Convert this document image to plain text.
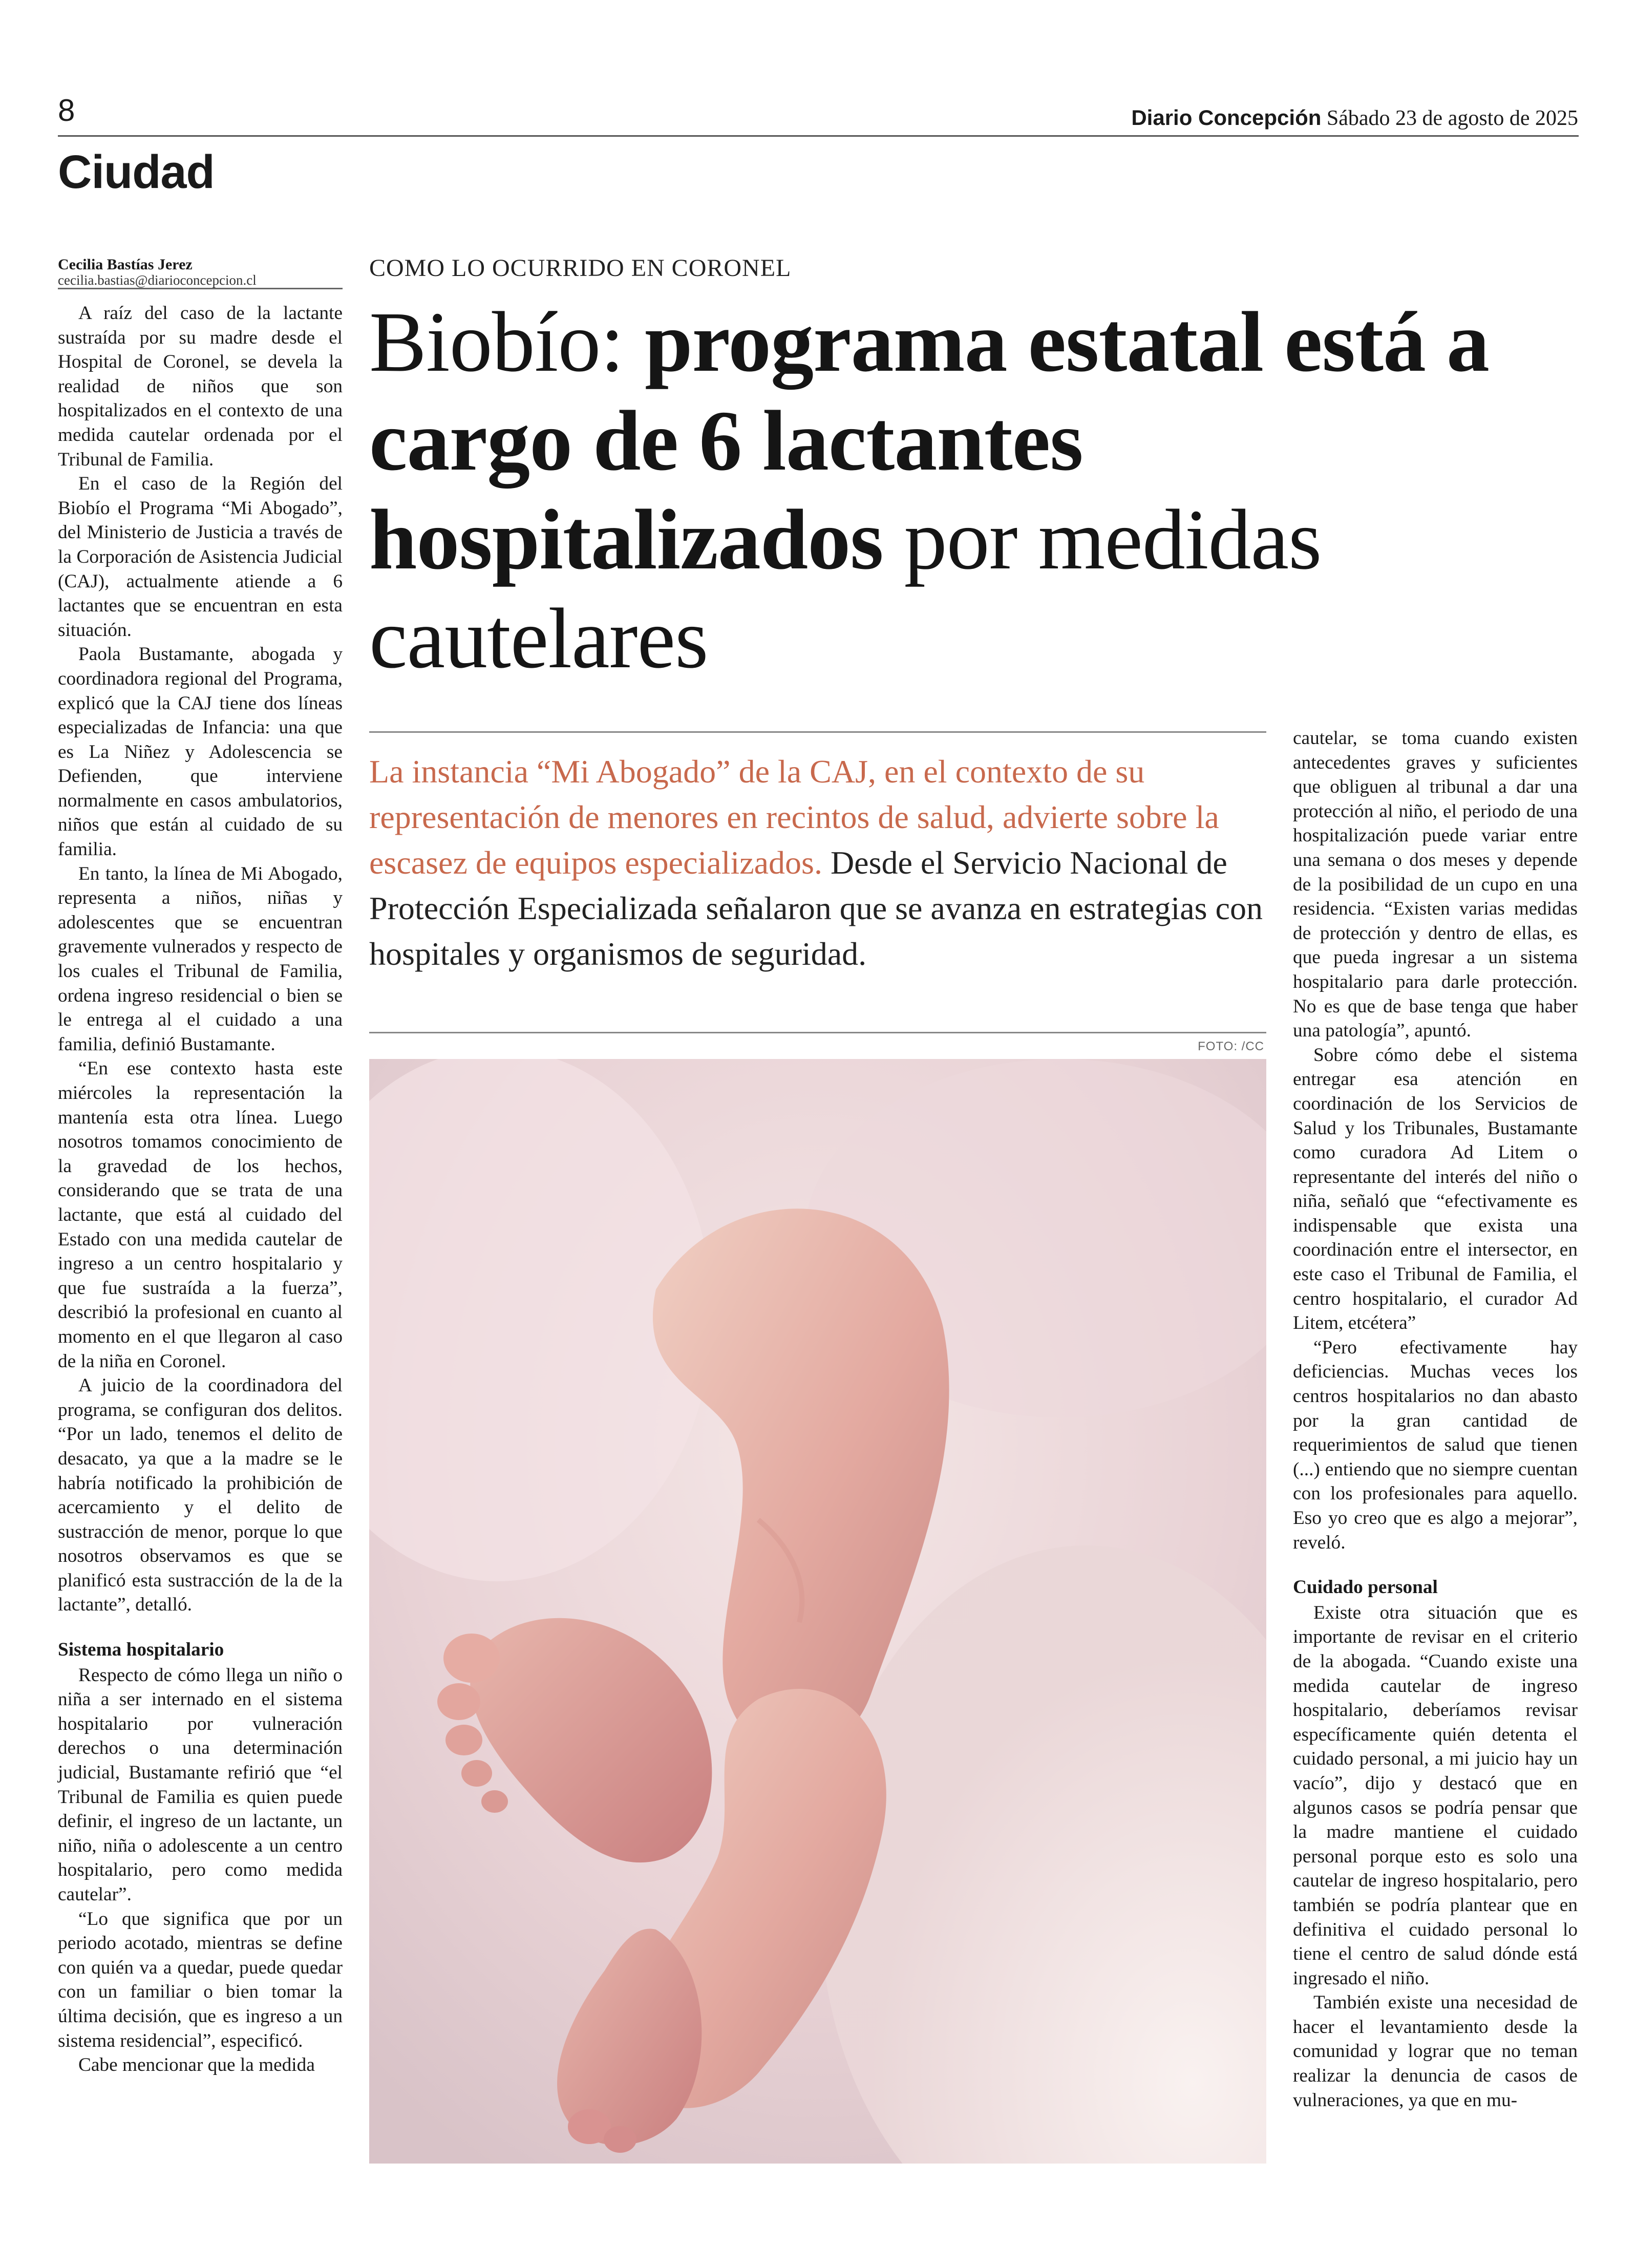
8	Diario Concepción Sábado 23 de agosto de 2025
Ciudad
Cecilia Bastías Jerez
cecilia.bastias@diarioconcepcion.cl

A raíz del caso de la lactante sustraída por su madre desde el Hospital de Coronel, se devela la realidad de niños que son hospitalizados en el contexto de una medida cautelar ordenada por el Tribunal de Familia.

En el caso de la Región del Biobío el Programa “Mi Abogado”, del Ministerio de Justicia a través de la Corporación de Asistencia Judicial (CAJ), actualmente atiende a 6 lactantes que se encuentran en esta situación.

Paola Bustamante, abogada y coordinadora regional del Programa, explicó que la CAJ tiene dos líneas especializadas de Infancia: una que es La Niñez y Adolescencia se Defienden, que interviene normalmente en casos ambulatorios, niños que están al cuidado de su familia.

En tanto, la línea de Mi Abogado, representa a niños, niñas y adolescentes que se encuentran gravemente vulnerados y respecto de los cuales el Tribunal de Familia, ordena ingreso residencial o bien se le entrega al el cuidado a una familia, definió Bustamante.

“En ese contexto hasta este miércoles la representación la mantenía esta otra línea. Luego nosotros tomamos conocimiento de la gravedad de los hechos, considerando que se trata de una lactante, que está al cuidado del Estado con una medida cautelar de ingreso a un centro hospitalario y que fue sustraída a la fuerza”, describió la profesional en cuanto al momento en el que llegaron al caso de la niña en Coronel.

A juicio de la coordinadora del programa, se configuran dos delitos. “Por un lado, tenemos el delito de desacato, ya que a la madre se le habría notificado la prohibición de acercamiento y el delito de sustracción de menor, porque lo que nosotros observamos es que se planificó esta sustracción de la de la lactante”, detalló.

Sistema hospitalario

Respecto de cómo llega un niño o niña a ser internado en el sistema hospitalario por vulneración derechos o una determinación judicial, Bustamante refirió que “el Tribunal de Familia es quien puede definir, el ingreso de un lactante, un niño, niña o adolescente a un centro hospitalario, pero como medida cautelar”.

“Lo que significa que por un periodo acotado, mientras se define con quién va a quedar, puede quedar con un familiar o bien tomar la última decisión, que es ingreso a un sistema residencial”, especificó.

Cabe mencionar que la medida

COMO LO OCURRIDO EN CORONEL
Biobío: programa estatal está a cargo de 6 lactantes hospitalizados por medidas cautelares
La instancia “Mi Abogado” de la CAJ, en el contexto de su representación de menores en recintos de salud, advierte sobre la escasez de equipos especializados. Desde el Servicio Nacional de Protección Especializada señalaron que se avanza en estrategias con hospitales y organismos de seguridad.
FOTO: /CC

cautelar, se toma cuando existen antecedentes graves y suficientes que obliguen al tribunal a dar una protección al niño, el periodo de una hospitalización puede variar entre una semana o dos meses y depende de la posibilidad de un cupo en una residencia. “Existen varias medidas de protección y dentro de ellas, es que pueda ingresar a un sistema hospitalario para darle protección. No es que de base tenga que haber una patología”, apuntó.

Sobre cómo debe el sistema entregar esa atención en coordinación de los Servicios de Salud y los Tribunales, Bustamante como curadora Ad Litem o representante del interés del niño o niña, señaló que “efectivamente es indispensable que exista una coordinación entre el intersector, en este caso el Tribunal de Familia, el centro hospitalario, el curador Ad Litem, etcétera”

“Pero efectivamente hay deficiencias. Muchas veces los centros hospitalarios no dan abasto por la gran cantidad de requerimientos de salud que tienen (...) entiendo que no siempre cuentan con los profesionales para aquello. Eso yo creo que es algo a mejorar”, reveló.

Cuidado personal

Existe otra situación que es importante de revisar en el criterio de la abogada. “Cuando existe una medida cautelar de ingreso hospitalario, deberíamos revisar específicamente quién detenta el cuidado personal, a mi juicio hay un vacío”, dijo y destacó que en algunos casos se podría pensar que la madre mantiene el cuidado personal porque esto es solo una cautelar de ingreso hospitalario, pero también se podría plantear que en definitiva el cuidado personal lo tiene el centro de salud dónde está ingresado el niño.

También existe una necesidad de hacer el levantamiento desde la comunidad y lograr que no teman realizar la denuncia de casos de vulneraciones, ya que en mu-
